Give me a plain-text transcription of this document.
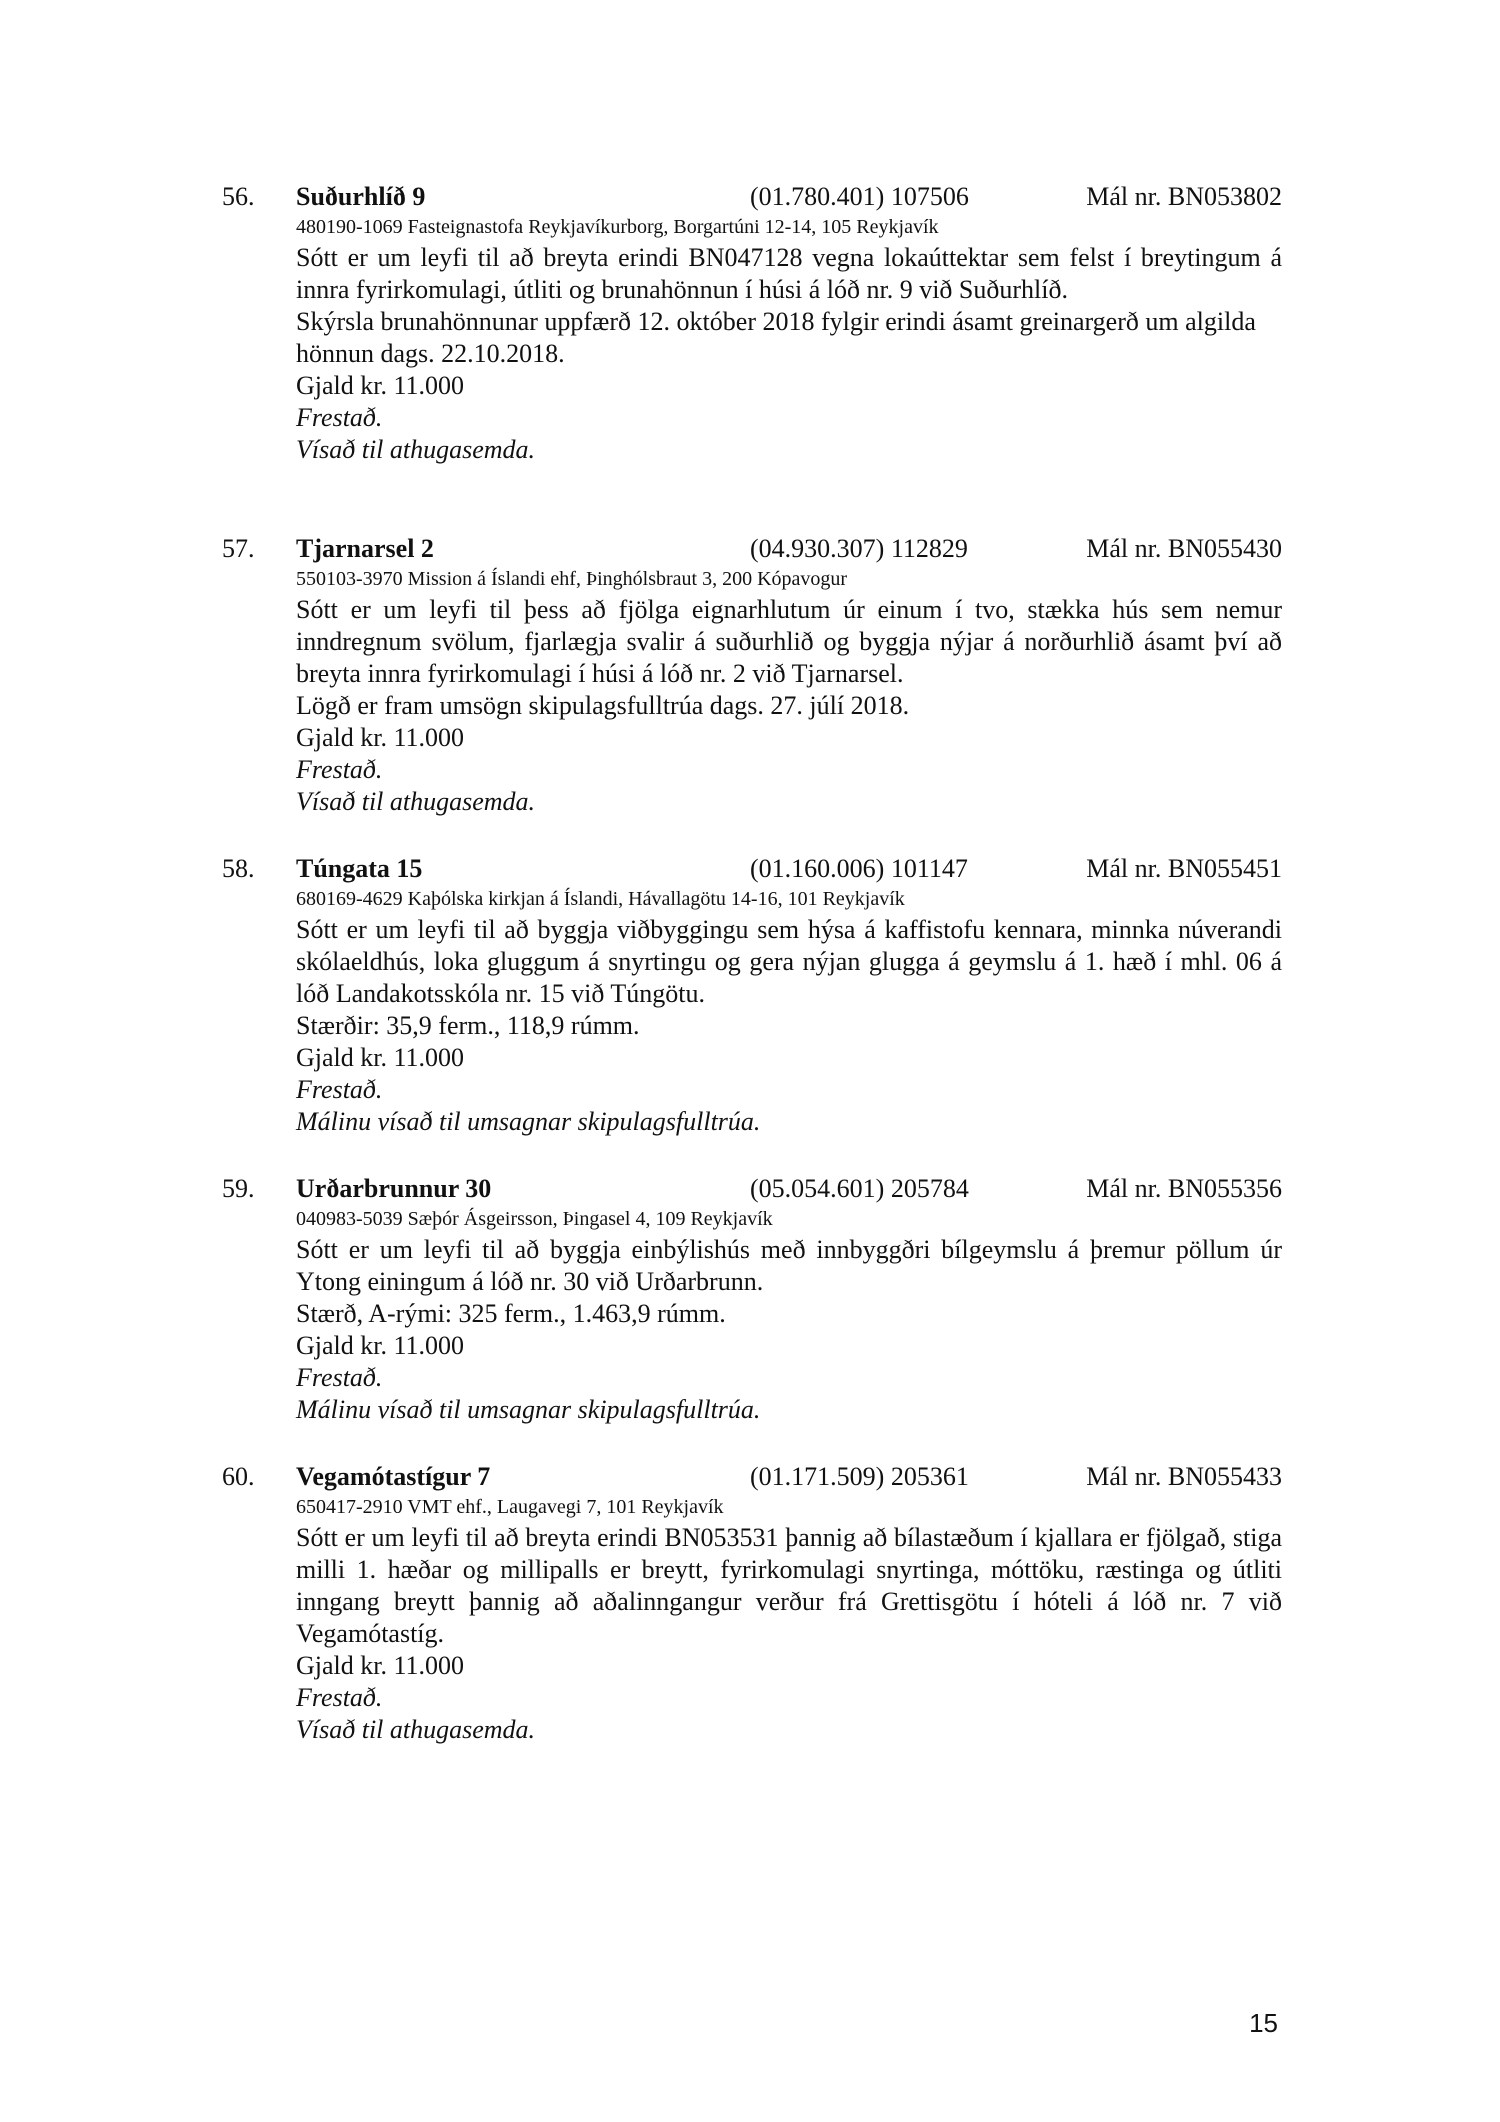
56. Suðurhlíð 9	(01.780.401) 107506	Mál nr. BN053802
480190-1069 Fasteignastofa Reykjavíkurborg, Borgartúni 12-14, 105 Reykjavík
Sótt er um leyfi til að breyta erindi BN047128 vegna lokaúttektar sem felst í breytingum á innra fyrirkomulagi, útliti og brunahönnun í húsi á lóð nr. 9 við Suðurhlíð.
Skýrsla brunahönnunar uppfærð 12. október 2018 fylgir erindi ásamt greinargerð um algilda hönnun dags. 22.10.2018.
Gjald kr. 11.000
Frestað.
Vísað til athugasemda.
57. Tjarnarsel 2	(04.930.307) 112829	Mál nr. BN055430
550103-3970 Mission á Íslandi ehf, Þinghólsbraut 3, 200 Kópavogur
Sótt er um leyfi til þess að fjölga eignarhlutum úr einum í tvo, stækka hús sem nemur inndregnum svölum, fjarlægja svalir á suðurhlið og byggja nýjar á norðurhlið ásamt því að breyta innra fyrirkomulagi í húsi á lóð nr. 2 við Tjarnarsel.
Lögð er fram umsögn skipulagsfulltrúa dags. 27. júlí 2018.
Gjald kr. 11.000
Frestað.
Vísað til athugasemda.
58. Túngata 15	(01.160.006) 101147	Mál nr. BN055451
680169-4629 Kaþólska kirkjan á Íslandi, Hávallagötu 14-16, 101 Reykjavík
Sótt er um leyfi til að byggja viðbyggingu sem hýsa á kaffistofu kennara, minnka núverandi skólaeldhús, loka gluggum á snyrtingu og gera nýjan glugga á geymslu á 1. hæð í mhl. 06 á lóð Landakotsskóla nr. 15 við Túngötu.
Stærðir: 35,9 ferm., 118,9 rúmm.
Gjald kr. 11.000
Frestað.
Málinu vísað til umsagnar skipulagsfulltrúa.
59. Urðarbrunnur 30	(05.054.601) 205784	Mál nr. BN055356
040983-5039 Sæþór Ásgeirsson, Þingasel 4, 109 Reykjavík
Sótt er um leyfi til að byggja einbýlishús með innbyggðri bílgeymslu á þremur pöllum úr Ytong einingum á lóð nr. 30 við Urðarbrunn.
Stærð, A-rými: 325 ferm., 1.463,9 rúmm.
Gjald kr. 11.000
Frestað.
Málinu vísað til umsagnar skipulagsfulltrúa.
60. Vegamótastígur 7	(01.171.509) 205361	Mál nr. BN055433
650417-2910 VMT ehf., Laugavegi 7, 101 Reykjavík
Sótt er um leyfi til að breyta erindi BN053531 þannig að bílastæðum í kjallara er fjölgað, stiga milli 1. hæðar og millipalls er breytt, fyrirkomulagi snyrtinga, móttöku, ræstinga og útliti inngang breytt þannig að aðalinngangur verður frá Grettisgötu í hóteli á lóð nr. 7 við Vegamótastíg.
Gjald kr. 11.000
Frestað.
Vísað til athugasemda.
15
